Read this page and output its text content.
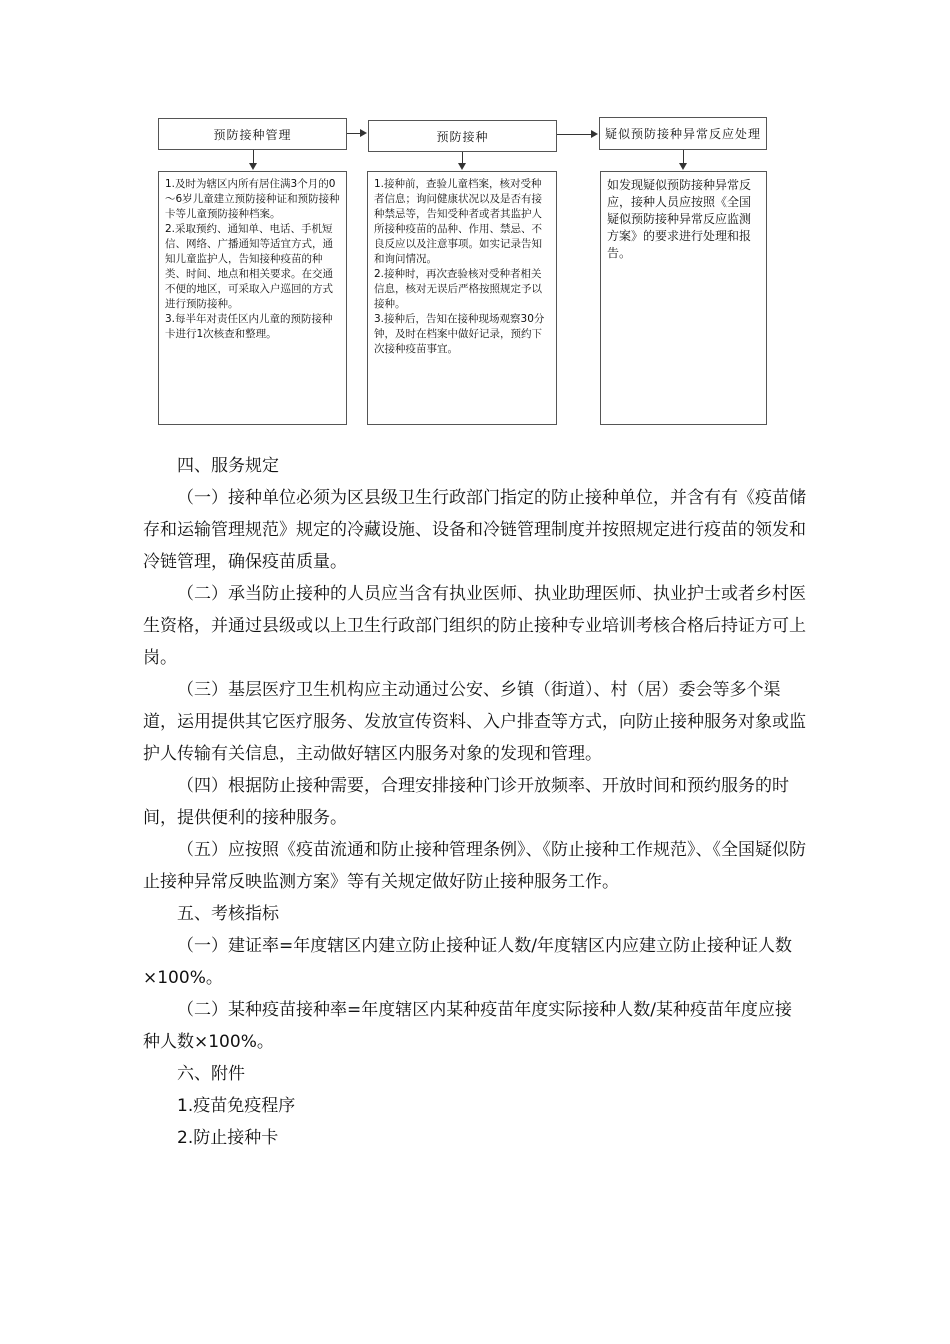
预防接种管理	预防接种	疑似预防接种异常反应处理

1.及时为辖区内所有居住满3个月的0～6岁儿童建立预防接种证和预防接种卡等儿童预防接种档案。

2.采取预约、通知单、电话、手机短信、网络、广播通知等适宜方式，通知儿童监护人，告知接种疫苗的种类、时间、地点和相关要求。在交通不便的地区，可采取入户巡回的方式进行预防接种。

3.每半年对责任区内儿童的预防接种卡进行1次核查和整理。

1.接种前，查验儿童档案，核对受种者信息；询问健康状况以及是否有接种禁忌等，告知受种者或者其监护人所接种疫苗的品种、作用、禁忌、不良反应以及注意事项。如实记录告知和询问情况。

2.接种时，再次查验核对受种者相关信息，核对无误后严格按照规定予以接种。

3.接种后，告知在接种现场观察30分钟，及时在档案中做好记录，预约下次接种疫苗事宜。

如发现疑似预防接种异常反应，接种人员应按照《全国疑似预防接种异常反应监测方案》的要求进行处理和报告。

四、服务规定

（一）接种单位必须为区县级卫生行政部门指定的防止接种单位，并含有有《疫苗储存和运输管理规范》规定的冷藏设施、设备和冷链管理制度并按照规定进行疫苗的领发和冷链管理，确保疫苗质量。

（二）承当防止接种的人员应当含有执业医师、执业助理医师、执业护士或者乡村医生资格，并通过县级或以上卫生行政部门组织的防止接种专业培训考核合格后持证方可上岗。

（三）基层医疗卫生机构应主动通过公安、乡镇（街道）、村（居）委会等多个渠道，运用提供其它医疗服务、发放宣传资料、入户排查等方式，向防止接种服务对象或监护人传输有关信息，主动做好辖区内服务对象的发现和管理。

（四）根据防止接种需要，合理安排接种门诊开放频率、开放时间和预约服务的时间，提供便利的接种服务。

（五）应按照《疫苗流通和防止接种管理条例》、《防止接种工作规范》、《全国疑似防止接种异常反映监测方案》等有关规定做好防止接种服务工作。

五、考核指标

（一）建证率=年度辖区内建立防止接种证人数/年度辖区内应建立防止接种证人数×100%。

（二）某种疫苗接种率=年度辖区内某种疫苗年度实际接种人数/某种疫苗年度应接种人数×100%。

六、附件

1.疫苗免疫程序

2.防止接种卡
